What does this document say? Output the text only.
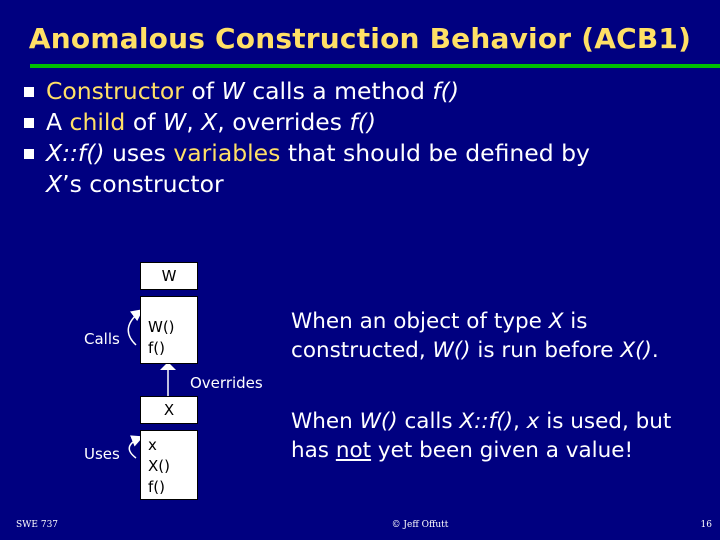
Anomalous Construction Behavior (ACB1)
Constructor of W calls a method f()
A child of W, X, overrides f()
X::f() uses variables that should be defined by
X’s constructor
W
W()
f()
X
x
X()
f()
Calls
Uses
Overrides
When an object of type X is constructed, W() is run before X().
When W() calls X::f(), x is used, but has not yet been given a value!
SWE 737	© Jeff Offutt	16
